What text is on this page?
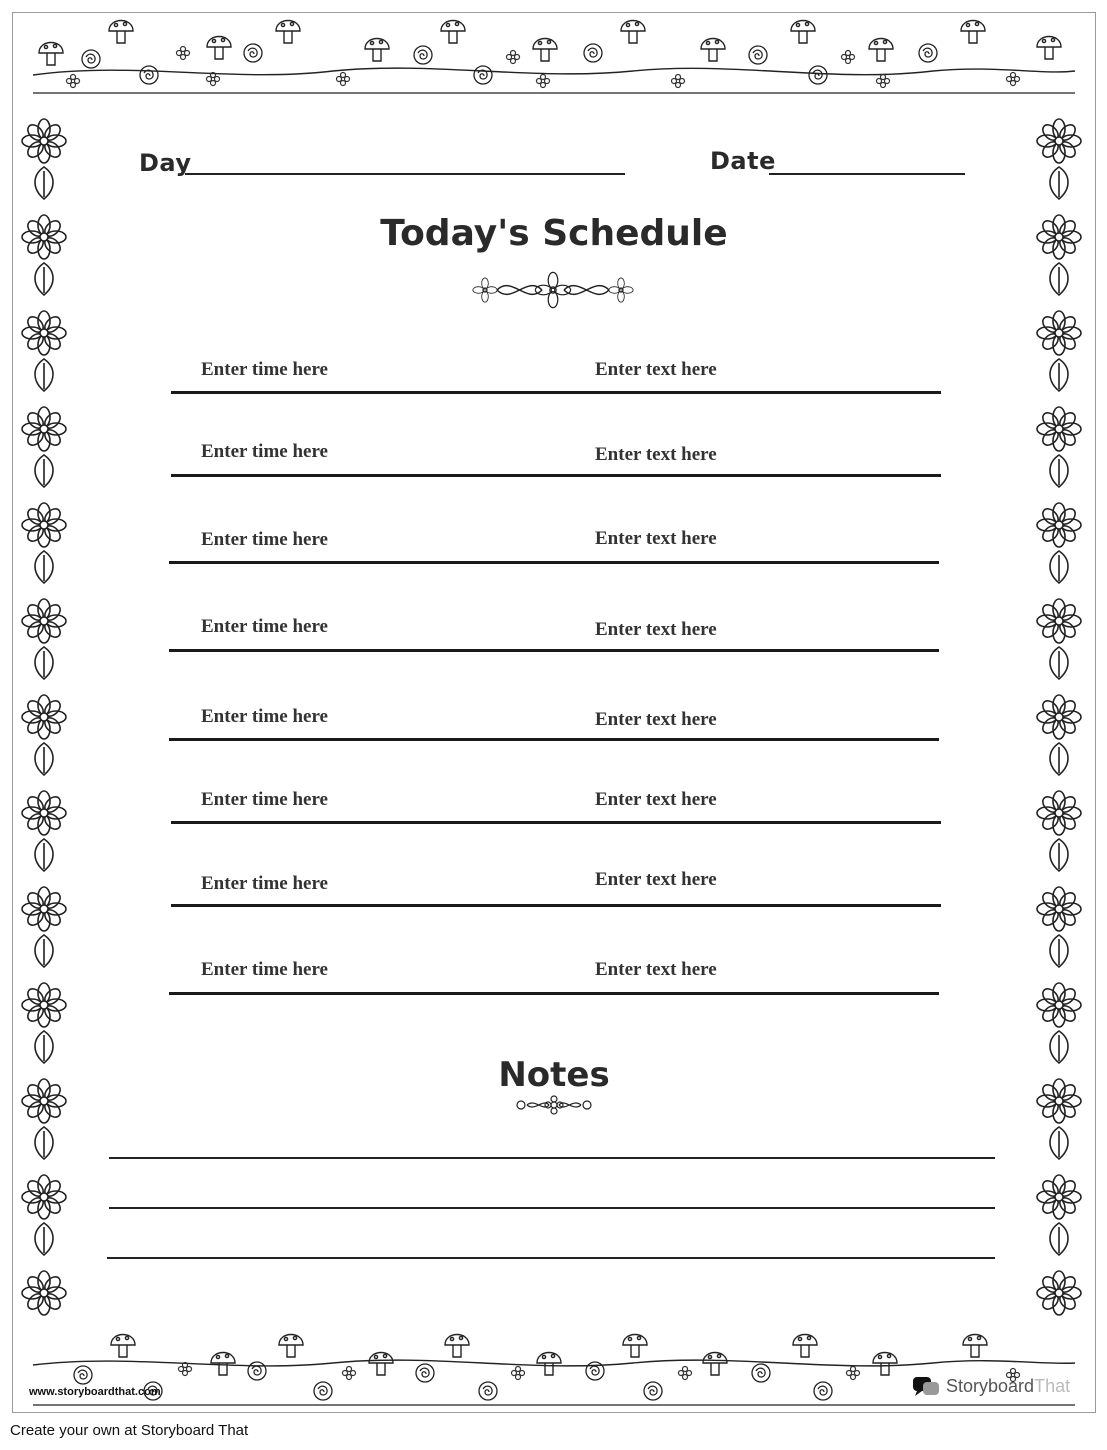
Day	Date
Today's Schedule
Enter time here	Enter text here
Enter time here	Enter text here
Enter time here	Enter text here
Enter time here	Enter text here
Enter time here	Enter text here
Enter time here	Enter text here
Enter time here	Enter text here
Enter time here	Enter text here
Notes
www.storyboardthat.com	StoryboardThat
Create your own at Storyboard That
